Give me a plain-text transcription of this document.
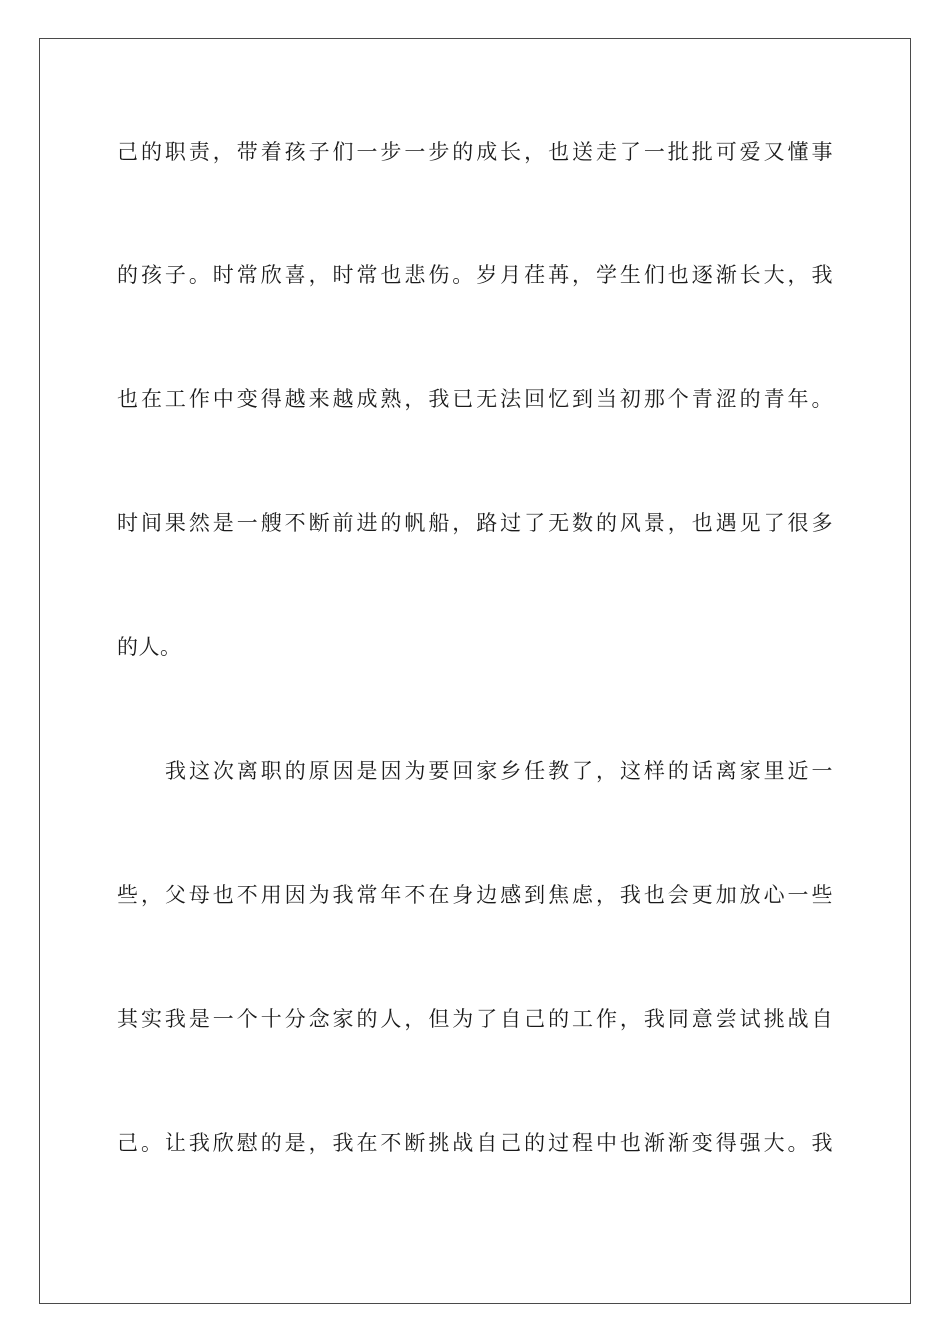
己的职责，带着孩子们一步一步的成长，也送走了一批批可爱又懂事
的孩子。时常欣喜，时常也悲伤。岁月荏苒，学生们也逐渐长大，我
也在工作中变得越来越成熟，我已无法回忆到当初那个青涩的青年。
时间果然是一艘不断前进的帆船，路过了无数的风景，也遇见了很多
的人。
我这次离职的原因是因为要回家乡任教了，这样的话离家里近一
些，父母也不用因为我常年不在身边感到焦虑，我也会更加放心一些
其实我是一个十分念家的人，但为了自己的工作，我同意尝试挑战自
己。让我欣慰的是，我在不断挑战自己的过程中也渐渐变得强大。我
